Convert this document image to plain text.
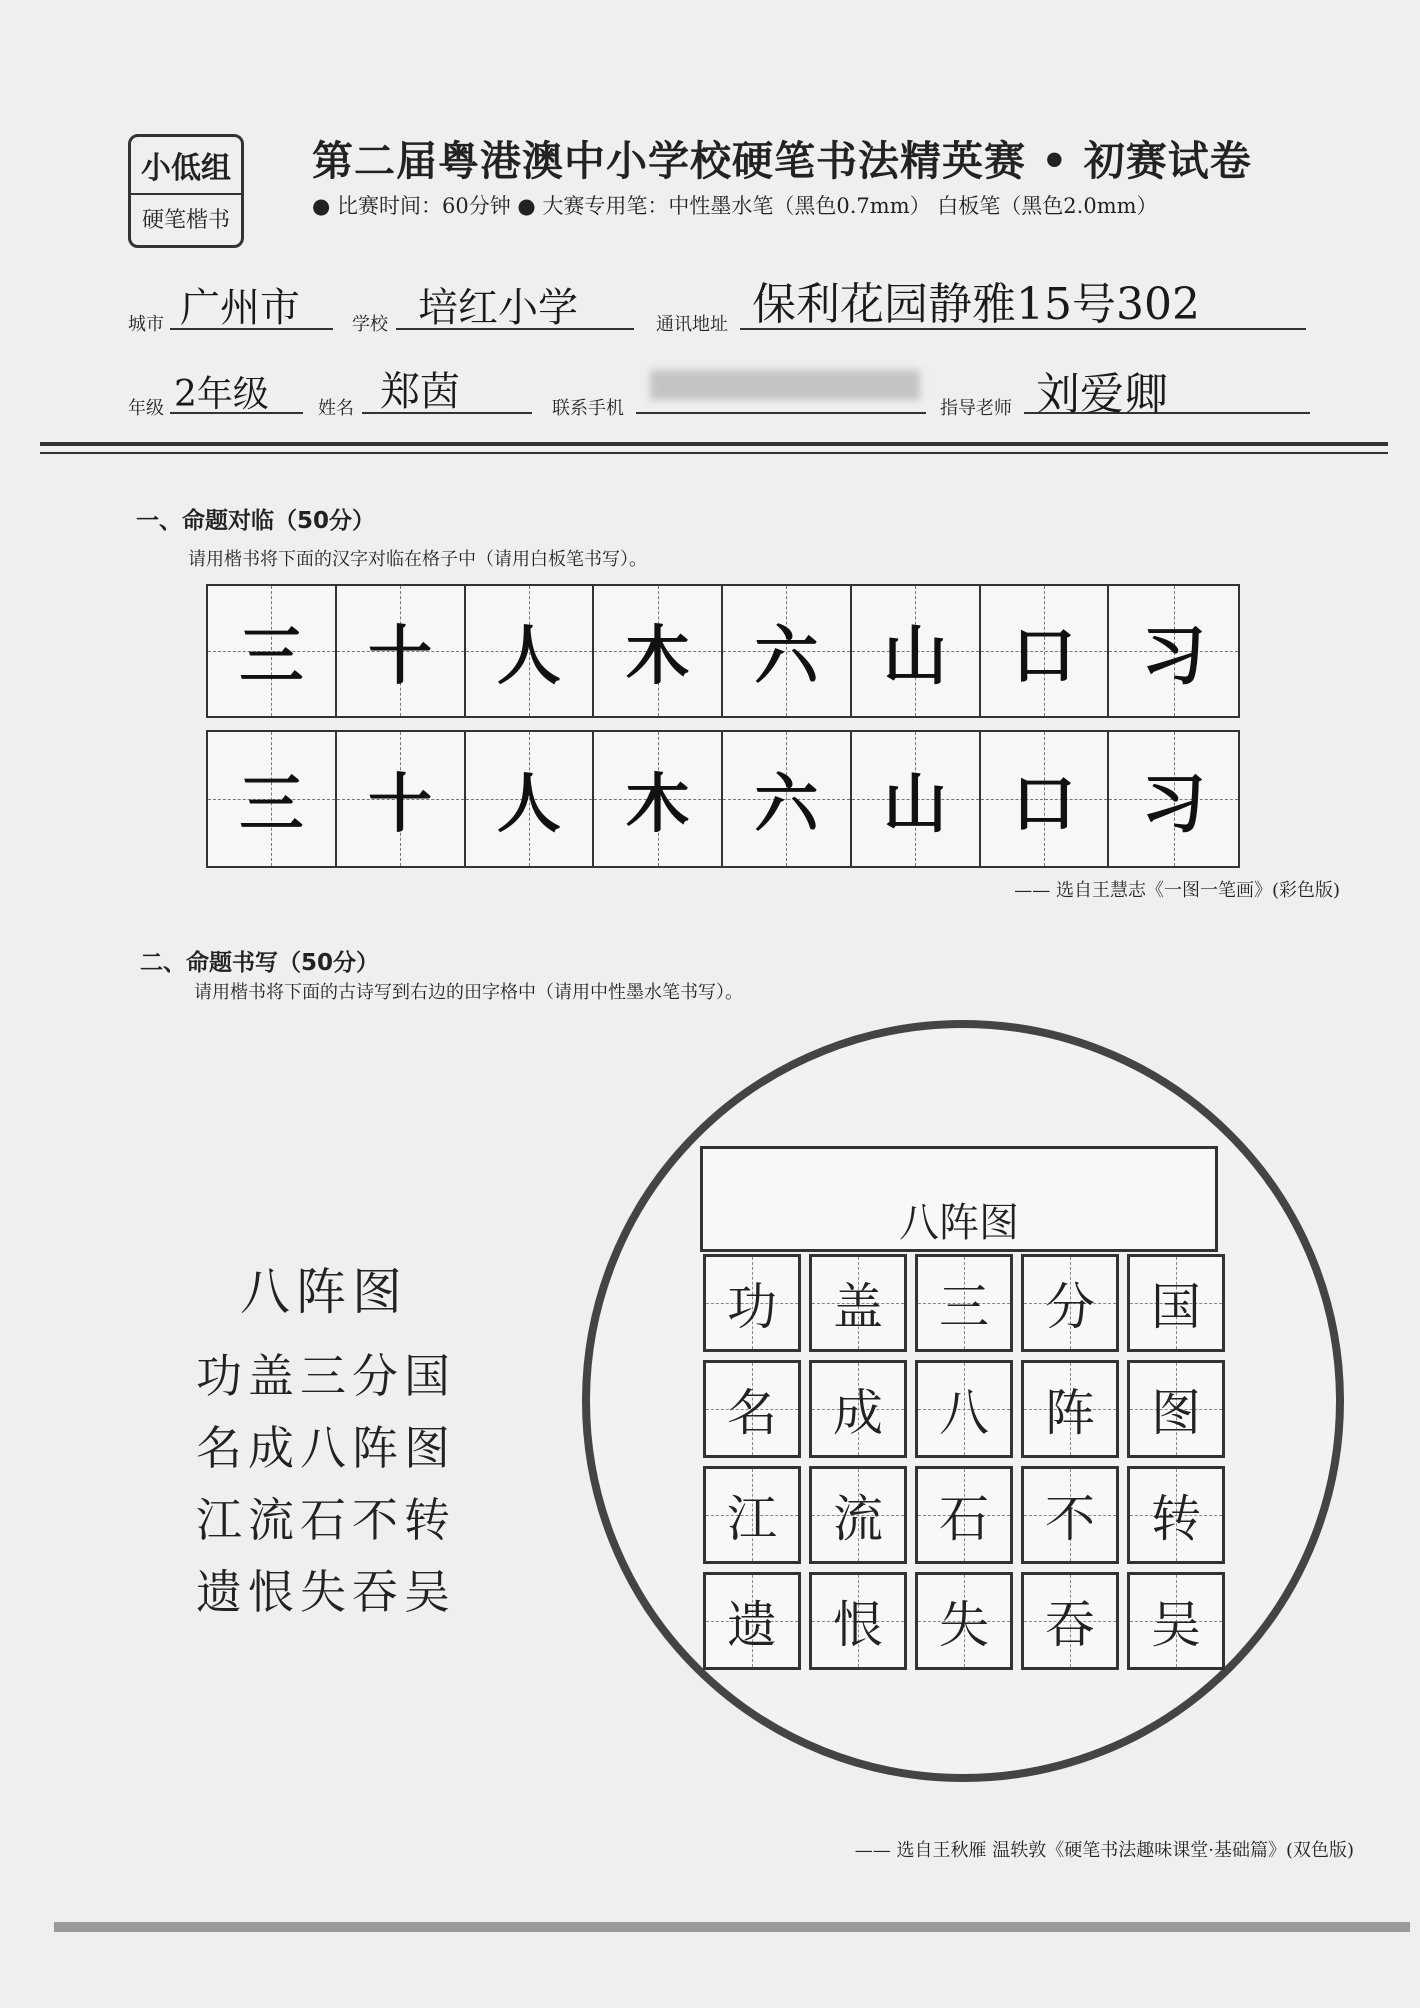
小低组
硬笔楷书
第二届粤港澳中小学校硬笔书法精英赛 • 初赛试卷
● 比赛时间：60分钟 ● 大赛专用笔：中性墨水笔（黑色0.7mm） 白板笔（黑色2.0mm）
城市 广州市	学校 培红小学	通讯地址 保利花园静雅15号302
年级 2年级	姓名 郑茵	联系手机	指导老师 刘爱卿
一、命题对临（50分）
请用楷书将下面的汉字对临在格子中（请用白板笔书写）。
三 十 人 木 六 山 口 习
三 十 人 木 六 山 口 习
—— 选自王慧志《一图一笔画》(彩色版)
二、命题书写（50分）
请用楷书将下面的古诗写到右边的田字格中（请用中性墨水笔书写）。
八阵图
功盖三分国
名成八阵图
江流石不转
遗恨失吞吴
八阵图
功 盖 三 分 国
名 成 八 阵 图
江 流 石 不 转
遗 恨 失 吞 吴
—— 选自王秋雁 温轶敦《硬笔书法趣味课堂·基础篇》(双色版)
